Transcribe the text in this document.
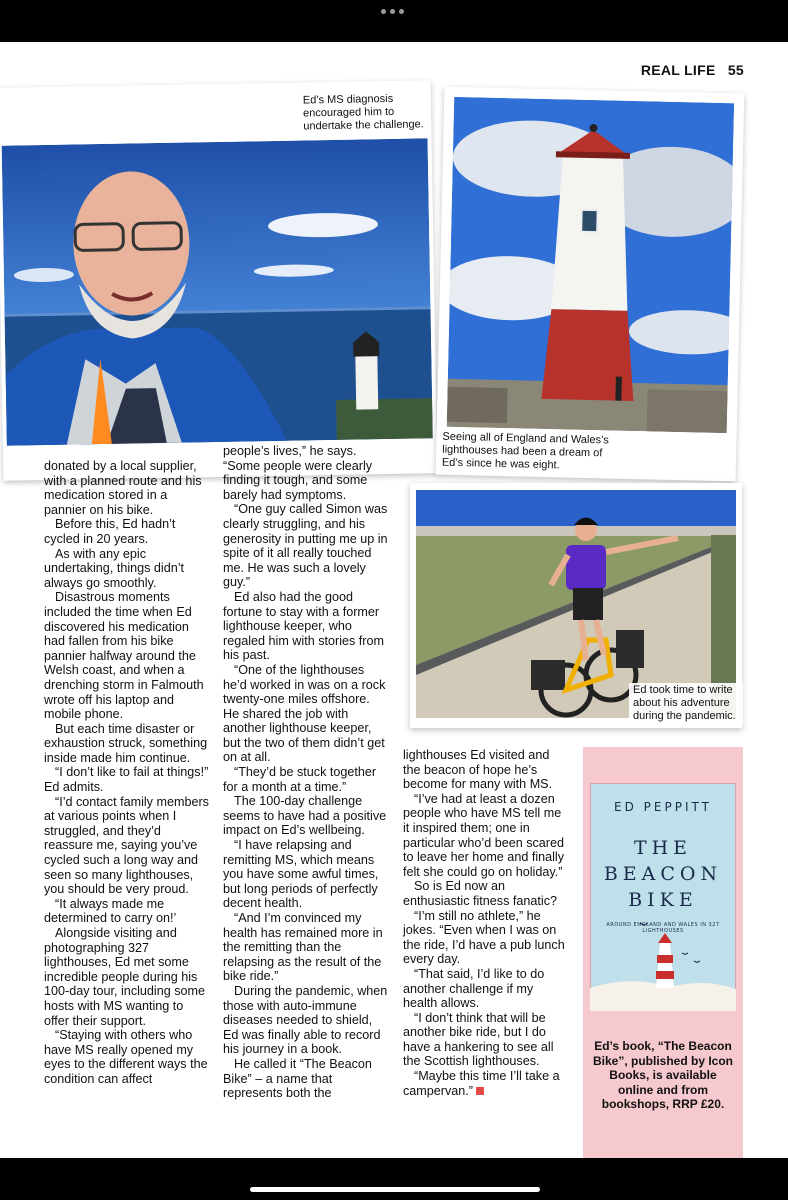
REAL LIFE 55
Ed’s MS diagnosis encouraged him to undertake the challenge.
Seeing all of England and Wales’s lighthouses had been a dream of Ed’s since he was eight.
Ed took time to write about his adventure during the pandemic.

donated by a local supplier, with a planned route and his medication stored in a pannier on his bike.

Before this, Ed hadn’t cycled in 20 years.

As with any epic undertaking, things didn’t always go smoothly.

Disastrous moments included the time when Ed discovered his medication had fallen from his bike pannier halfway around the Welsh coast, and when a drenching storm in Falmouth wrote off his laptop and mobile phone.

But each time disaster or exhaustion struck, something inside made him continue.

“I don’t like to fail at things!” Ed admits.

“I’d contact family members at various points when I struggled, and they’d reassure me, saying you’ve cycled such a long way and seen so many lighthouses, you should be very proud.

“It always made me determined to carry on!’

Alongside visiting and photographing 327 lighthouses, Ed met some incredible people during his 100-day tour, including some hosts with MS wanting to offer their support.

“Staying with others who have MS really opened my eyes to the different ways the condition can affect

people’s lives,” he says. “Some people were clearly finding it tough, and some barely had symptoms.

“One guy called Simon was clearly struggling, and his generosity in putting me up in spite of it all really touched me. He was such a lovely guy.”

Ed also had the good fortune to stay with a former lighthouse keeper, who regaled him with stories from his past.

“One of the lighthouses he’d worked in was on a rock twenty-one miles offshore. He shared the job with another lighthouse keeper, but the two of them didn’t get on at all.

“They’d be stuck together for a month at a time.”

The 100-day challenge seems to have had a positive impact on Ed’s wellbeing.

“I have relapsing and remitting MS, which means you have some awful times, but long periods of perfectly decent health.

“And I’m convinced my health has remained more in the remitting than the relapsing as the result of the bike ride.”

During the pandemic, when those with auto-immune diseases needed to shield, Ed was finally able to record his journey in a book.

He called it “The Beacon Bike” – a name that represents both the

lighthouses Ed visited and the beacon of hope he’s become for many with MS.

“I’ve had at least a dozen people who have MS tell me it inspired them; one in particular who’d been scared to leave her home and finally felt she could go on holiday.”

So is Ed now an enthusiastic fitness fanatic?

“I’m still no athlete,” he jokes. “Even when I was on the ride, I’d have a pub lunch every day.

“That said, I’d like to do another challenge if my health allows.

“I don’t think that will be another bike ride, but I do have a hankering to see all the Scottish lighthouses.

“Maybe this time I’ll take a campervan.”

ED PEPPITT
THE
BEACON
BIKE
AROUND ENGLAND AND WALES IN 327 LIGHTHOUSES
Ed’s book, “The Beacon Bike”, published by Icon Books, is available online and from bookshops, RRP £20.
